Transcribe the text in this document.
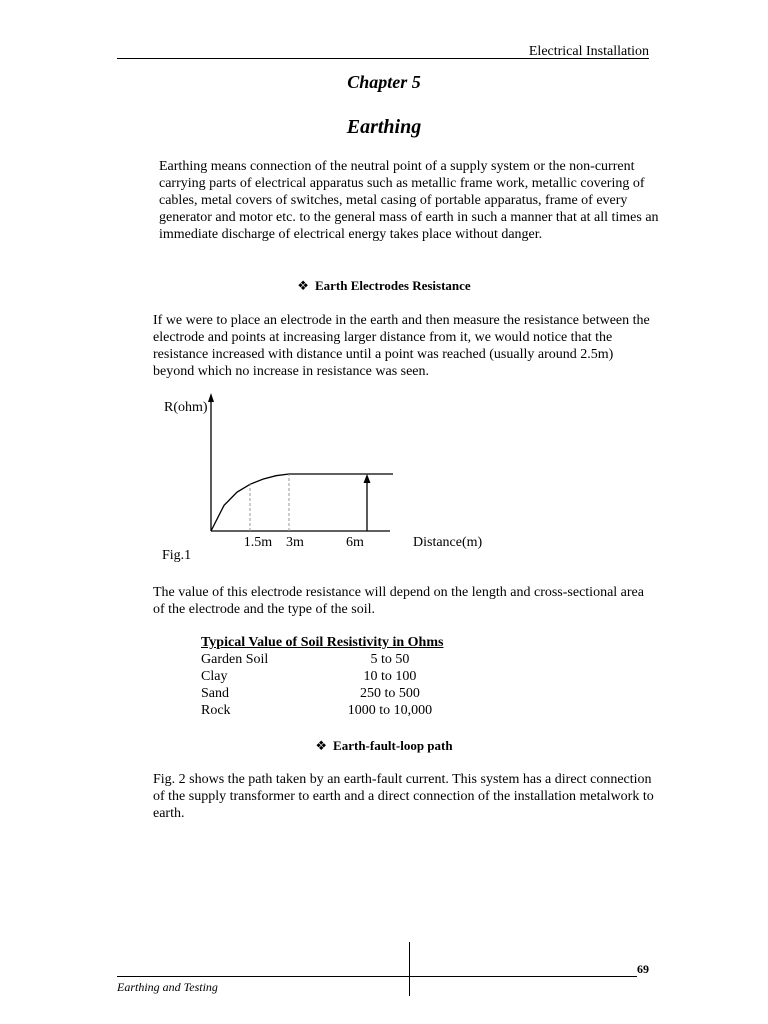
Electrical Installation
Chapter 5
Earthing
Earthing means connection of the neutral point of a supply system or the non-current carrying parts of electrical apparatus such as metallic frame work, metallic covering of cables, metal covers of switches, metal casing of portable apparatus, frame of every generator and motor etc. to the general mass of earth in such a manner that at all times an immediate discharge of electrical energy takes place without danger.
❖ Earth Electrodes Resistance
If we were to place an electrode in the earth and then measure the resistance between the electrode and points at increasing larger distance from it, we would notice that the resistance increased with distance until a point was reached (usually around 2.5m) beyond which no increase in resistance was seen.
1.5m 3m	6m
R(ohm)
Distance(m)
Fig.1
The value of this electrode resistance will depend on the length and cross-sectional area of the electrode and the type of the soil.
Typical Value of Soil Resistivity in Ohms
Garden Soil	5 to 50
Clay	10 to 100
Sand	250 to 500
Rock	1000 to 10,000
❖ Earth-fault-loop path
Fig. 2 shows the path taken by an earth-fault current. This system has a direct connection of the supply transformer to earth and a direct connection of the installation metalwork to earth.
69
Earthing and Testing
